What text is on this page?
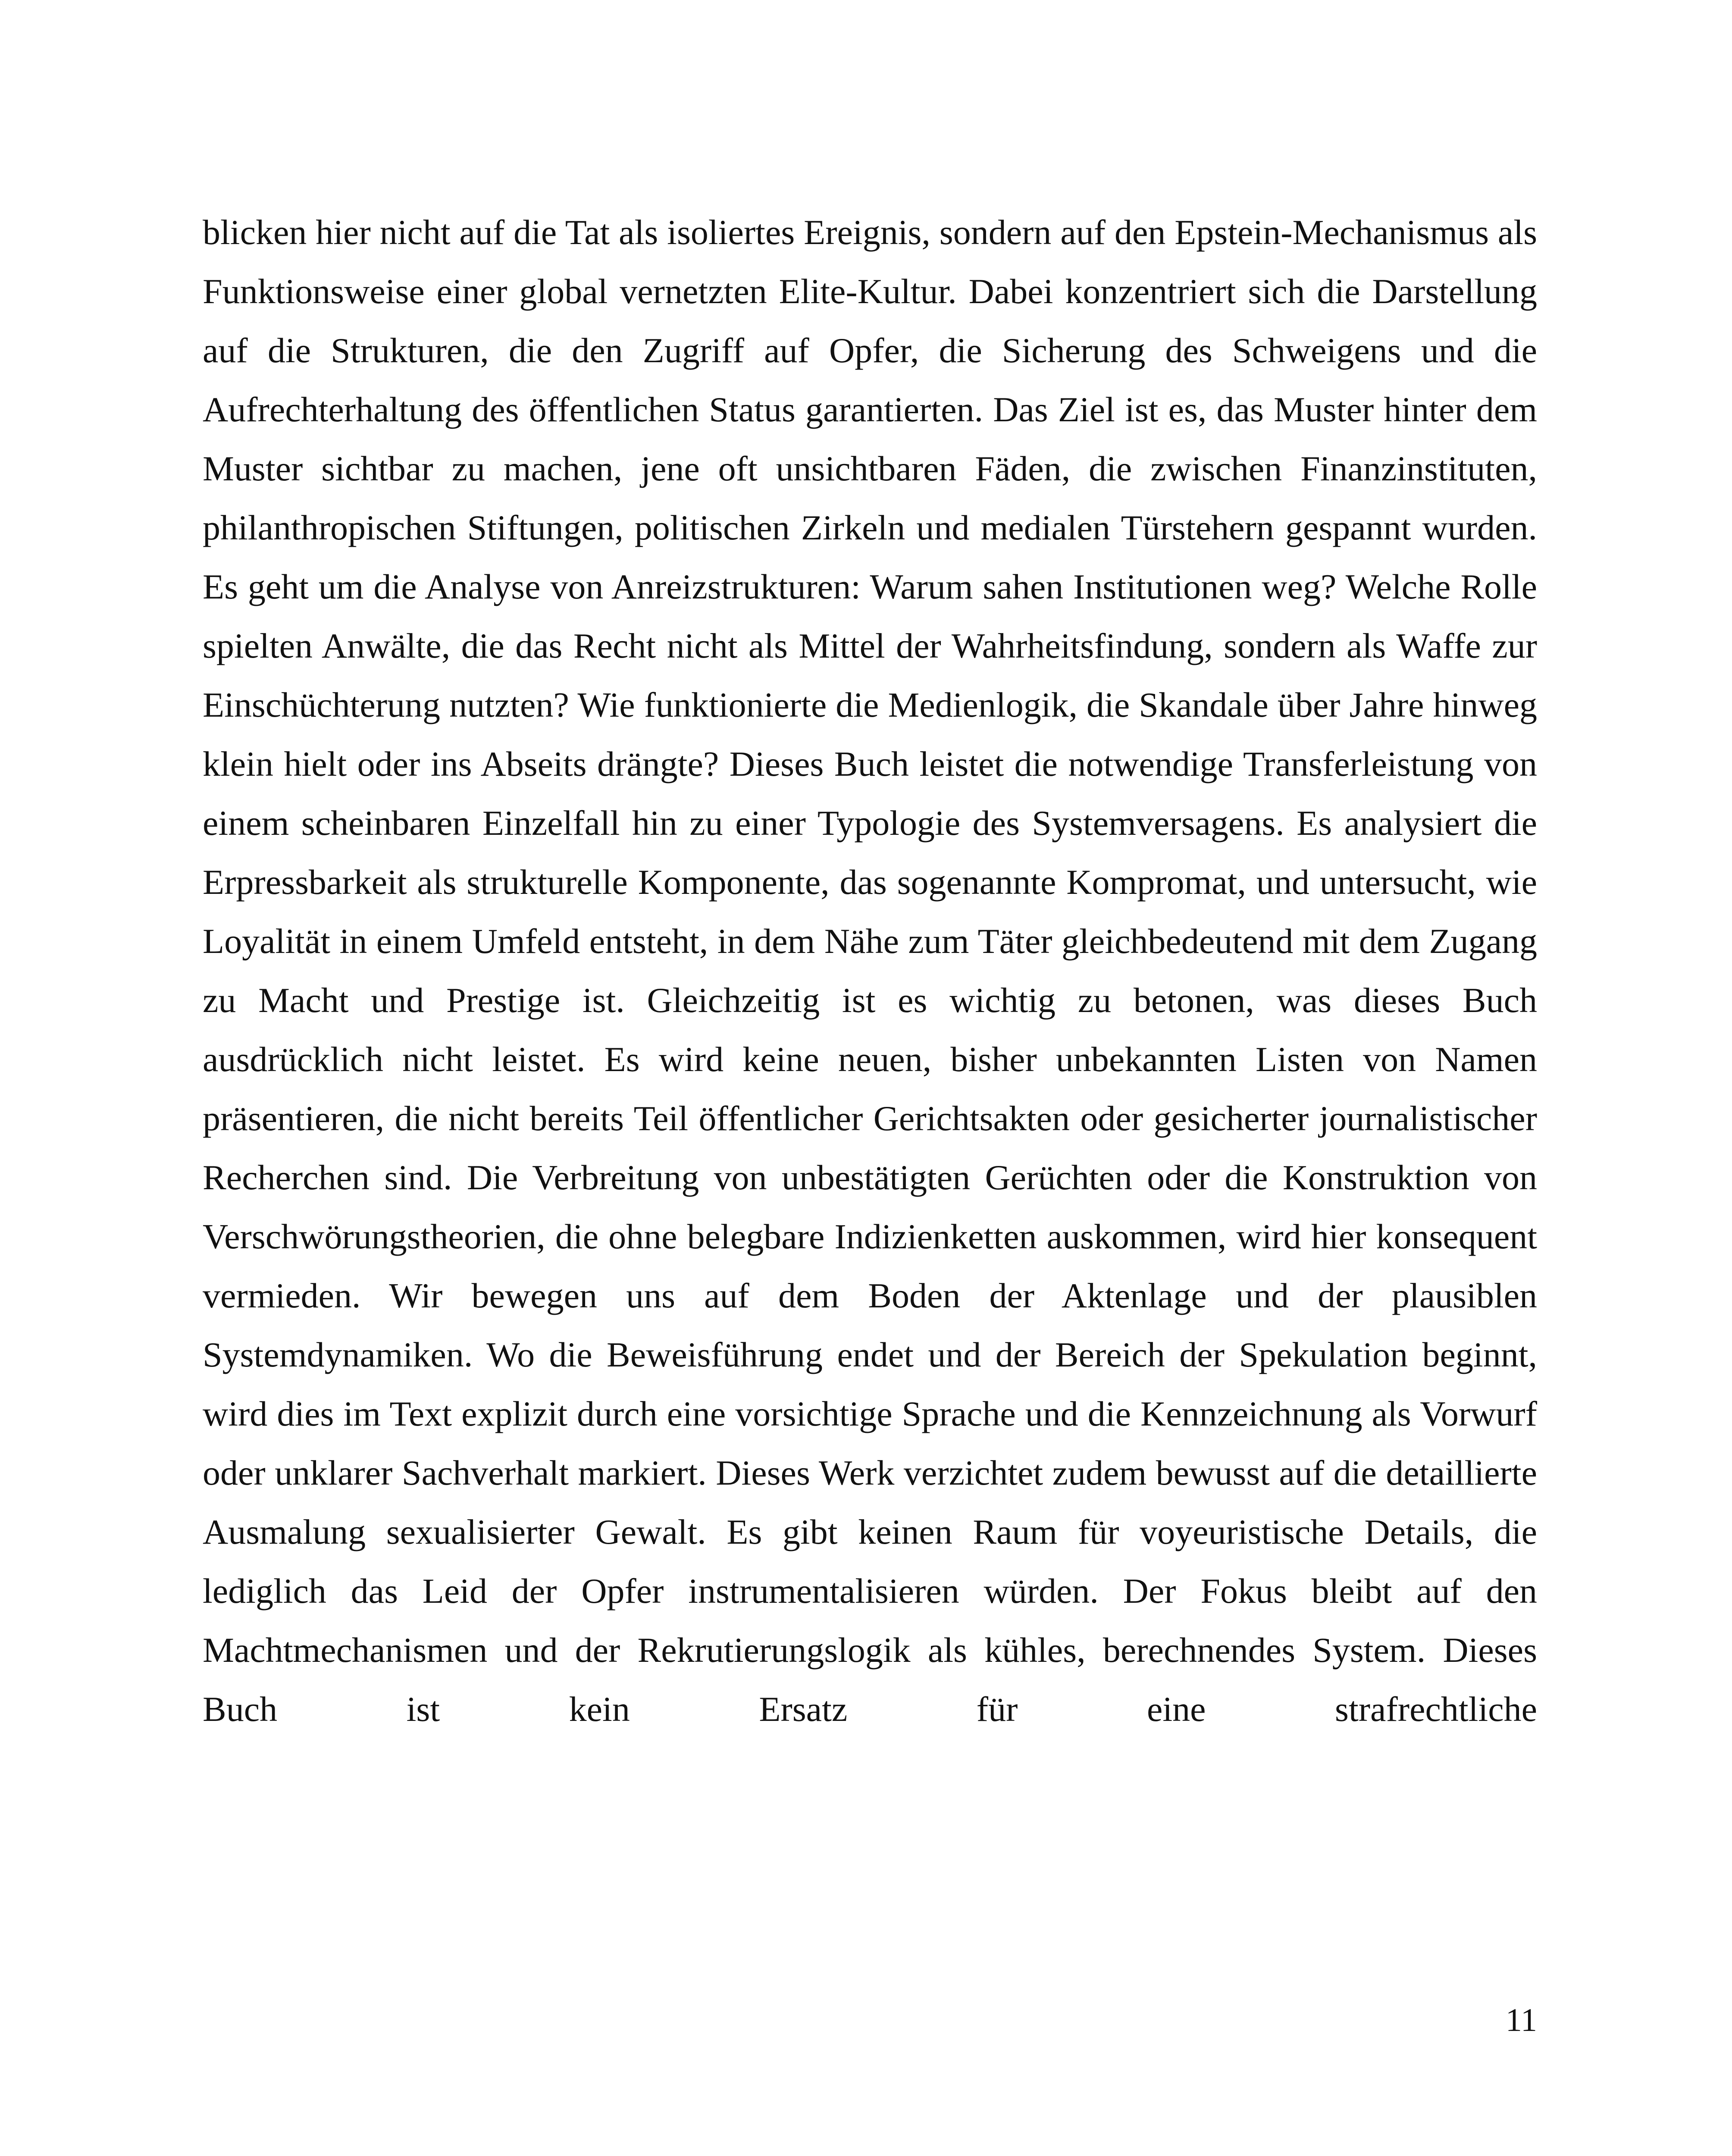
blicken hier nicht auf die Tat als isoliertes Ereignis, sondern auf den Epstein-Mechanismus als Funktionsweise einer global vernetzten Elite-Kultur. Dabei konzentriert sich die Darstellung auf die Strukturen, die den Zugriff auf Opfer, die Sicherung des Schweigens und die Aufrechterhaltung des öffentlichen Status garantierten. Das Ziel ist es, das Muster hinter dem Muster sichtbar zu machen, jene oft unsichtbaren Fäden, die zwischen Finanzinstituten, philanthropischen Stiftungen, politischen Zirkeln und medialen Türstehern gespannt wurden. Es geht um die Analyse von Anreizstrukturen: Warum sahen Institutionen weg? Welche Rolle spielten Anwälte, die das Recht nicht als Mittel der Wahrheitsfindung, sondern als Waffe zur Einschüchterung nutzten? Wie funktionierte die Medienlogik, die Skandale über Jahre hinweg klein hielt oder ins Abseits drängte? Dieses Buch leistet die notwendige Transferleistung von einem scheinbaren Einzelfall hin zu einer Typologie des Systemversagens. Es analysiert die Erpressbarkeit als strukturelle Komponente, das sogenannte Kompromat, und untersucht, wie Loyalität in einem Umfeld entsteht, in dem Nähe zum Täter gleichbedeutend mit dem Zugang zu Macht und Prestige ist. Gleichzeitig ist es wichtig zu betonen, was dieses Buch ausdrücklich nicht leistet. Es wird keine neuen, bisher unbekannten Listen von Namen präsentieren, die nicht bereits Teil öffentlicher Gerichtsakten oder gesicherter journalistischer Recherchen sind. Die Verbreitung von unbestätigten Gerüchten oder die Konstruktion von Verschwörungstheorien, die ohne belegbare Indizienketten auskommen, wird hier konsequent vermieden. Wir bewegen uns auf dem Boden der Aktenlage und der plausiblen Systemdynamiken. Wo die Beweisführung endet und der Bereich der Spekulation beginnt, wird dies im Text explizit durch eine vorsichtige Sprache und die Kennzeichnung als Vorwurf oder unklarer Sachverhalt markiert. Dieses Werk verzichtet zudem bewusst auf die detaillierte Ausmalung sexualisierter Gewalt. Es gibt keinen Raum für voyeuristische Details, die lediglich das Leid der Opfer instrumentalisieren würden. Der Fokus bleibt auf den Machtmechanismen und der Rekrutierungslogik als kühles, berechnendes System. Dieses Buch ist kein Ersatz für eine strafrechtliche

11
